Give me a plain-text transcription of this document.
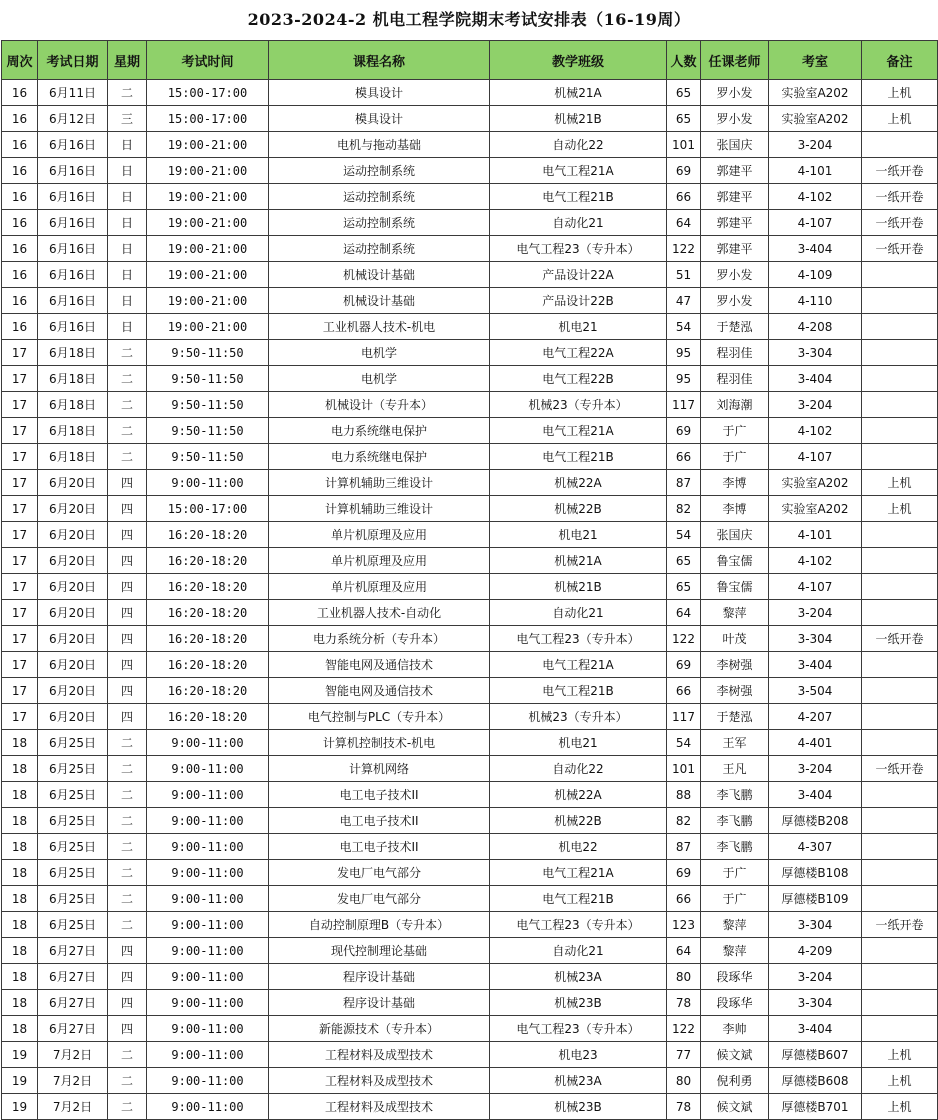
2023-2024-2 机电工程学院期末考试安排表（16-19周）
周次	考试日期	星期	考试时间	课程名称	教学班级	人数	任课老师	考室	备注
16	6月11日	二	15:00-17:00	模具设计	机械21A	65	罗小发	实验室A202	上机
16	6月12日	三	15:00-17:00	模具设计	机械21B	65	罗小发	实验室A202	上机
16	6月16日	日	19:00-21:00	电机与拖动基础	自动化22	101	张国庆	3-204	
16	6月16日	日	19:00-21:00	运动控制系统	电气工程21A	69	郭建平	4-101	一纸开卷
16	6月16日	日	19:00-21:00	运动控制系统	电气工程21B	66	郭建平	4-102	一纸开卷
16	6月16日	日	19:00-21:00	运动控制系统	自动化21	64	郭建平	4-107	一纸开卷
16	6月16日	日	19:00-21:00	运动控制系统	电气工程23（专升本）	122	郭建平	3-404	一纸开卷
16	6月16日	日	19:00-21:00	机械设计基础	产品设计22A	51	罗小发	4-109	
16	6月16日	日	19:00-21:00	机械设计基础	产品设计22B	47	罗小发	4-110	
16	6月16日	日	19:00-21:00	工业机器人技术-机电	机电21	54	于楚泓	4-208	
17	6月18日	二	9:50-11:50	电机学	电气工程22A	95	程羽佳	3-304	
17	6月18日	二	9:50-11:50	电机学	电气工程22B	95	程羽佳	3-404	
17	6月18日	二	9:50-11:50	机械设计（专升本）	机械23（专升本）	117	刘海潮	3-204	
17	6月18日	二	9:50-11:50	电力系统继电保护	电气工程21A	69	于广	4-102	
17	6月18日	二	9:50-11:50	电力系统继电保护	电气工程21B	66	于广	4-107	
17	6月20日	四	9:00-11:00	计算机辅助三维设计	机械22A	87	李博	实验室A202	上机
17	6月20日	四	15:00-17:00	计算机辅助三维设计	机械22B	82	李博	实验室A202	上机
17	6月20日	四	16:20-18:20	单片机原理及应用	机电21	54	张国庆	4-101	
17	6月20日	四	16:20-18:20	单片机原理及应用	机械21A	65	鲁宝儒	4-102	
17	6月20日	四	16:20-18:20	单片机原理及应用	机械21B	65	鲁宝儒	4-107	
17	6月20日	四	16:20-18:20	工业机器人技术-自动化	自动化21	64	黎萍	3-204	
17	6月20日	四	16:20-18:20	电力系统分析（专升本）	电气工程23（专升本）	122	叶茂	3-304	一纸开卷
17	6月20日	四	16:20-18:20	智能电网及通信技术	电气工程21A	69	李树强	3-404	
17	6月20日	四	16:20-18:20	智能电网及通信技术	电气工程21B	66	李树强	3-504	
17	6月20日	四	16:20-18:20	电气控制与PLC（专升本）	机械23（专升本）	117	于楚泓	4-207	
18	6月25日	二	9:00-11:00	计算机控制技术-机电	机电21	54	王军	4-401	
18	6月25日	二	9:00-11:00	计算机网络	自动化22	101	王凡	3-204	一纸开卷
18	6月25日	二	9:00-11:00	电工电子技术II	机械22A	88	李飞鹏	3-404	
18	6月25日	二	9:00-11:00	电工电子技术II	机械22B	82	李飞鹏	厚德楼B208	
18	6月25日	二	9:00-11:00	电工电子技术II	机电22	87	李飞鹏	4-307	
18	6月25日	二	9:00-11:00	发电厂电气部分	电气工程21A	69	于广	厚德楼B108	
18	6月25日	二	9:00-11:00	发电厂电气部分	电气工程21B	66	于广	厚德楼B109	
18	6月25日	二	9:00-11:00	自动控制原理B（专升本）	电气工程23（专升本）	123	黎萍	3-304	一纸开卷
18	6月27日	四	9:00-11:00	现代控制理论基础	自动化21	64	黎萍	4-209	
18	6月27日	四	9:00-11:00	程序设计基础	机械23A	80	段琢华	3-204	
18	6月27日	四	9:00-11:00	程序设计基础	机械23B	78	段琢华	3-304	
18	6月27日	四	9:00-11:00	新能源技术（专升本）	电气工程23（专升本）	122	李帅	3-404	
19	7月2日	二	9:00-11:00	工程材料及成型技术	机电23	77	候文斌	厚德楼B607	上机
19	7月2日	二	9:00-11:00	工程材料及成型技术	机械23A	80	倪利勇	厚德楼B608	上机
19	7月2日	二	9:00-11:00	工程材料及成型技术	机械23B	78	候文斌	厚德楼B701	上机
